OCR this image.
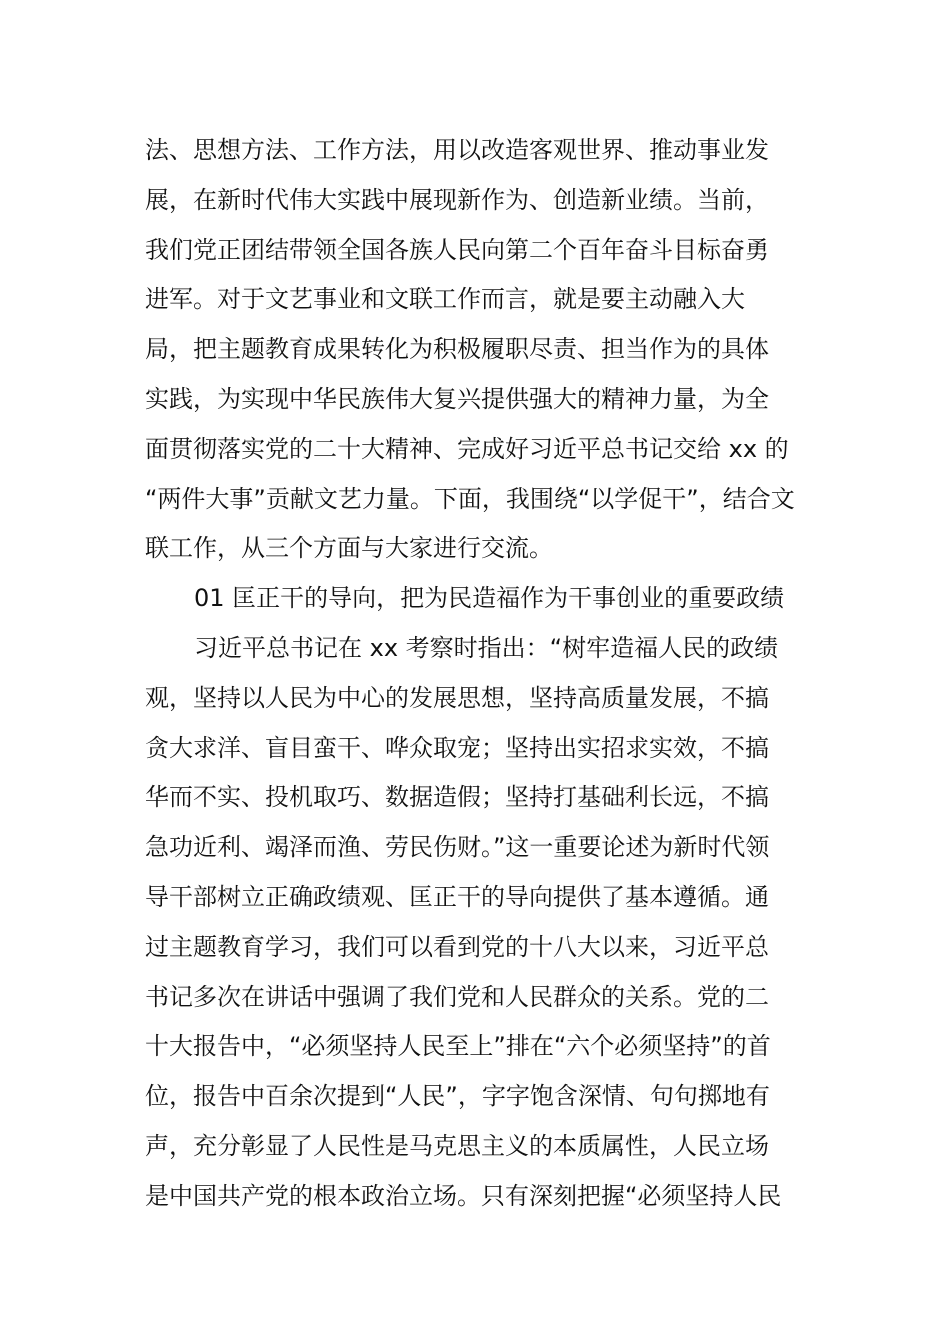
法、思想方法、工作方法，用以改造客观世界、推动事业发
展，在新时代伟大实践中展现新作为、创造新业绩。当前，
我们党正团结带领全国各族人民向第二个百年奋斗目标奋勇
进军。对于文艺事业和文联工作而言，就是要主动融入大
局，把主题教育成果转化为积极履职尽责、担当作为的具体
实践，为实现中华民族伟大复兴提供强大的精神力量，为全
面贯彻落实党的二十大精神、完成好习近平总书记交给 xx 的
“两件大事”贡献文艺力量。下面，我围绕“以学促干”，结合文
联工作，从三个方面与大家进行交流。
01 匡正干的导向，把为民造福作为干事创业的重要政绩
习近平总书记在 xx 考察时指出：“树牢造福人民的政绩
观，坚持以人民为中心的发展思想，坚持高质量发展，不搞
贪大求洋、盲目蛮干、哗众取宠；坚持出实招求实效，不搞
华而不实、投机取巧、数据造假；坚持打基础利长远，不搞
急功近利、竭泽而渔、劳民伤财。”这一重要论述为新时代领
导干部树立正确政绩观、匡正干的导向提供了基本遵循。通
过主题教育学习，我们可以看到党的十八大以来，习近平总
书记多次在讲话中强调了我们党和人民群众的关系。党的二
十大报告中，“必须坚持人民至上”排在“六个必须坚持”的首
位，报告中百余次提到“人民”，字字饱含深情、句句掷地有
声，充分彰显了人民性是马克思主义的本质属性，人民立场
是中国共产党的根本政治立场。只有深刻把握“必须坚持人民
